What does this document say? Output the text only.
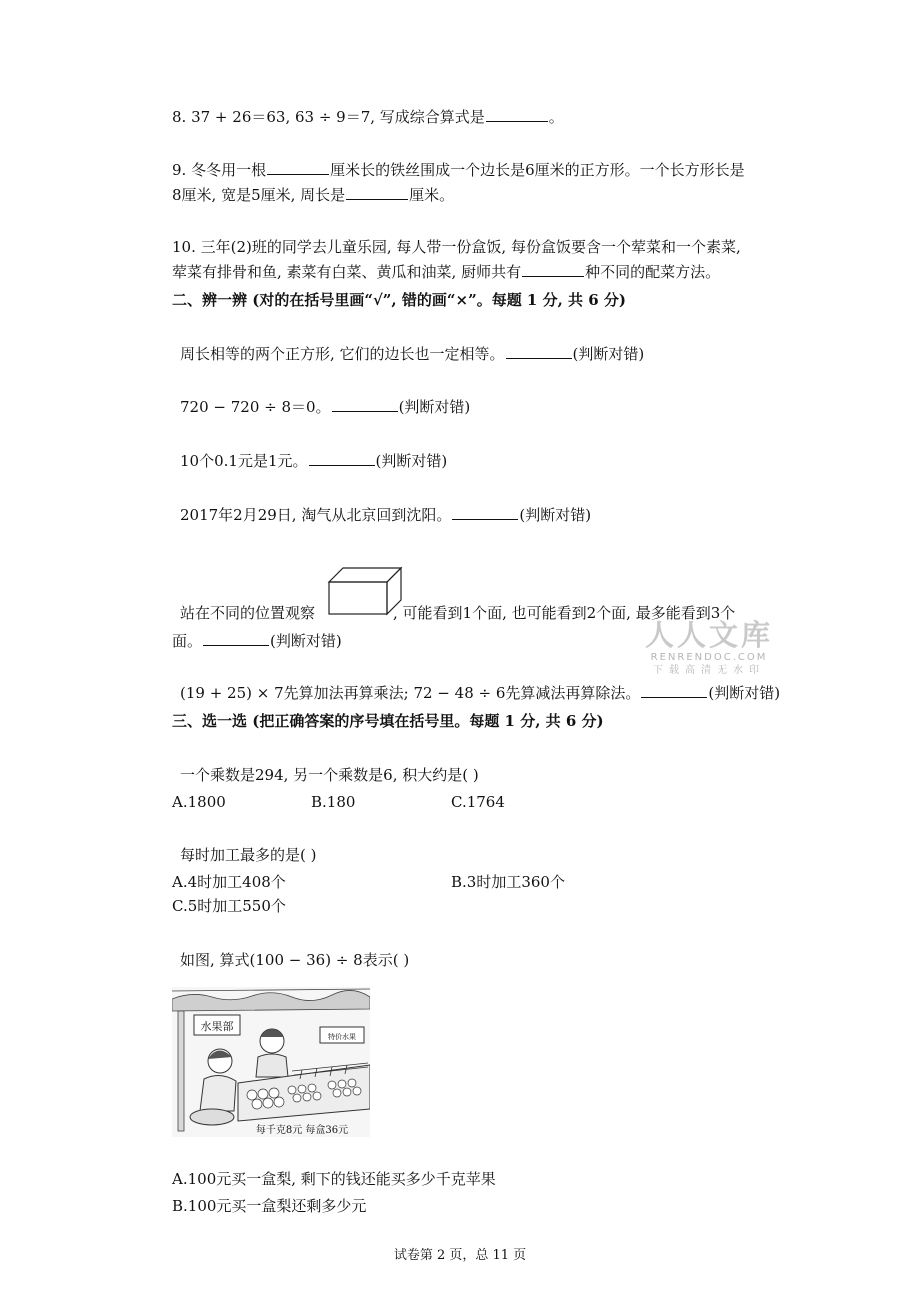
8. 37 + 26＝63, 63 ÷ 9＝7, 写成综合算式是	。
9. 冬冬用一根	厘米长的铁丝围成一个边长是6厘米的正方形。一个长方形长是
8厘米, 宽是5厘米, 周长是	厘米。
10. 三年(2)班的同学去儿童乐园, 每人带一份盒饭, 每份盒饭要含一个荤菜和一个素菜,
荤菜有排骨和鱼, 素菜有白菜、黄瓜和油菜, 厨师共有	种不同的配菜方法。
二、辨一辨 (对的在括号里画“√”, 错的画“×”。每题 1 分, 共 6 分)
周长相等的两个正方形, 它们的边长也一定相等。	(判断对错)
720 − 720 ÷ 8＝0。	(判断对错)
10个0.1元是1元。	(判断对错)
2017年2月29日, 淘气从北京回到沈阳。	(判断对错)
站在不同的位置观察	, 可能看到1个面, 也可能看到2个面, 最多能看到3个
面。	(判断对错)
(19 + 25) × 7先算加法再算乘法; 72 − 48 ÷ 6先算减法再算除法。	(判断对错)
人人文库
RENRENDOC.COM
下载高清无水印
三、选一选 (把正确答案的序号填在括号里。每题 1 分, 共 6 分)
一个乘数是294, 另一个乘数是6, 积大约是( )
A.1800	B.180	C.1764
每时加工最多的是( )
A.4时加工408个	B.3时加工360个
C.5时加工550个
如图, 算式(100 − 36) ÷ 8表示( )
水果部
特价水果
每千克8元 每盒36元
A.100元买一盒梨, 剩下的钱还能买多少千克苹果
B.100元买一盒梨还剩多少元
试卷第 2 页，总 11 页
